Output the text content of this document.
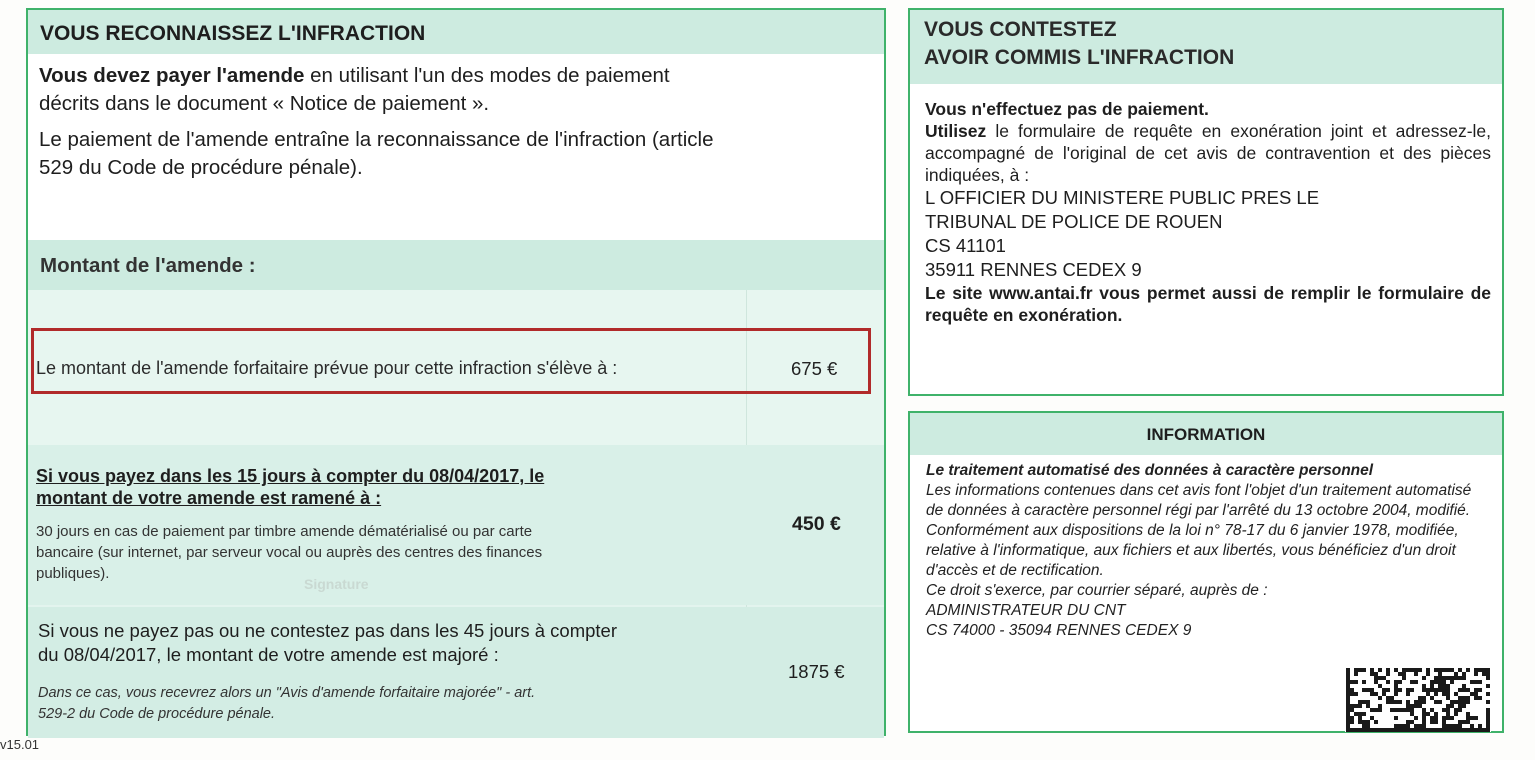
VOUS RECONNAISSEZ L'INFRACTION

Vous devez payer l'amende en utilisant l'un des modes de paiement
décrits dans le document « Notice de paiement ».

Le paiement de l'amende entraîne la reconnaissance de l'infraction (article
529 du Code de procédure pénale).

Montant de l'amende :
Le montant de l'amende forfaitaire prévue pour cette infraction s'élève à :	675 €
Si vous payez dans les 15 jours à compter du 08/04/2017, le
montant de votre amende est ramené à :
30 jours en cas de paiement par timbre amende dématérialisé ou par carte
bancaire (sur internet, par serveur vocal ou auprès des centres des finances
publiques).
450 €
Signature
Si vous ne payez pas ou ne contestez pas dans les 45 jours à compter
du 08/04/2017, le montant de votre amende est majoré :
Dans ce cas, vous recevrez alors un "Avis d'amende forfaitaire majorée" - art.
529-2 du Code de procédure pénale.
1875 €
VOUS CONTESTEZ
AVOIR COMMIS L'INFRACTION
Vous n'effectuez pas de paiement.
Utilisez le formulaire de requête en exonération joint et adressez-le, accompagné de l'original de cet avis de contravention et des pièces indiquées, à :

L OFFICIER DU MINISTERE PUBLIC PRES LE
TRIBUNAL DE POLICE DE ROUEN
CS 41101
35911 RENNES CEDEX 9
Le site www.antai.fr vous permet aussi de remplir le formulaire de requête en exonération.
INFORMATION
Le traitement automatisé des données à caractère personnel
Les informations contenues dans cet avis font l'objet d'un traitement automatisé de données à caractère personnel régi par l'arrêté du 13 octobre 2004, modifié. Conformément aux dispositions de la loi n° 78-17 du 6 janvier 1978, modifiée, relative à l'informatique, aux fichiers et aux libertés, vous bénéficiez d'un droit d'accès et de rectification.
Ce droit s'exerce, par courrier séparé, auprès de :
ADMINISTRATEUR DU CNT
CS 74000 - 35094 RENNES CEDEX 9
v15.01
